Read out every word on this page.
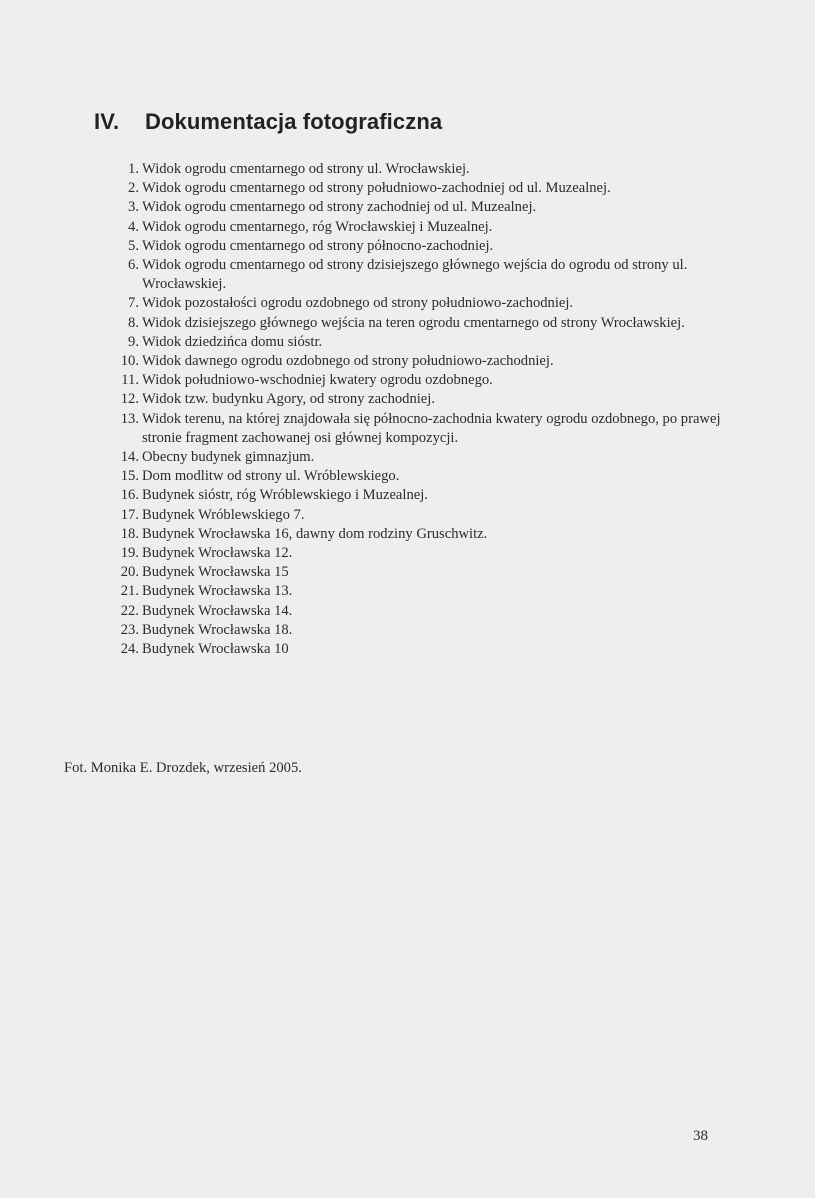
IV. Dokumentacja fotograficzna
1. Widok ogrodu cmentarnego od strony ul. Wrocławskiej.
2. Widok ogrodu cmentarnego od strony południowo-zachodniej od ul. Muzealnej.
3. Widok ogrodu cmentarnego od strony zachodniej od ul. Muzealnej.
4. Widok ogrodu cmentarnego, róg Wrocławskiej i Muzealnej.
5. Widok ogrodu cmentarnego od strony północno-zachodniej.
6. Widok ogrodu cmentarnego od strony dzisiejszego głównego wejścia do ogrodu od strony ul. Wrocławskiej.
7. Widok pozostałości ogrodu ozdobnego od strony południowo-zachodniej.
8. Widok dzisiejszego głównego wejścia na teren ogrodu cmentarnego od strony Wrocławskiej.
9. Widok dziedzińca domu sióstr.
10. Widok dawnego ogrodu ozdobnego od strony południowo-zachodniej.
11. Widok południowo-wschodniej kwatery ogrodu ozdobnego.
12. Widok tzw. budynku Agory, od strony zachodniej.
13. Widok terenu, na której znajdowała się północno-zachodnia kwatery ogrodu ozdobnego, po prawej stronie fragment zachowanej osi głównej kompozycji.
14. Obecny budynek gimnazjum.
15. Dom modlitw od strony ul. Wróblewskiego.
16. Budynek sióstr, róg Wróblewskiego i Muzealnej.
17. Budynek Wróblewskiego 7.
18. Budynek Wrocławska 16, dawny dom rodziny Gruschwitz.
19. Budynek Wrocławska 12.
20. Budynek Wrocławska 15
21. Budynek Wrocławska 13.
22. Budynek Wrocławska 14.
23. Budynek Wrocławska 18.
24. Budynek Wrocławska 10
Fot. Monika E. Drozdek, wrzesień 2005.
38
